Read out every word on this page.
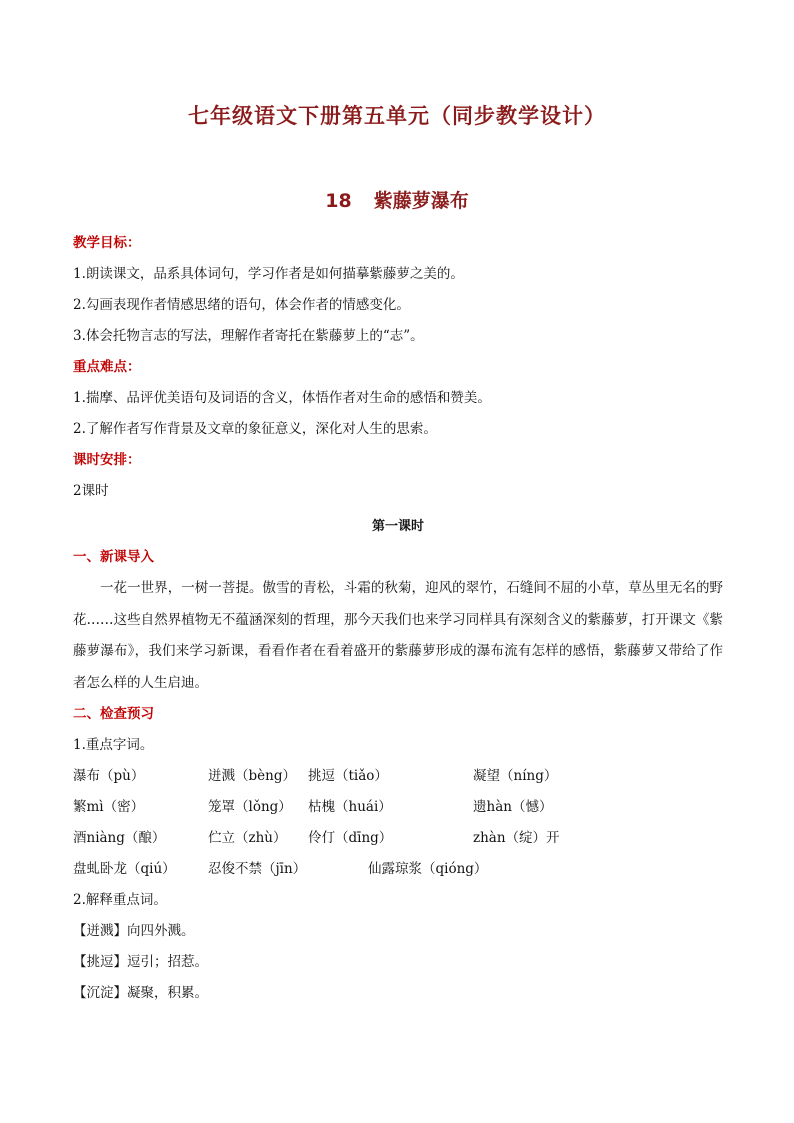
七年级语文下册第五单元（同步教学设计）
18 紫藤萝瀑布

教学目标：

1.朗读课文，品系具体词句，学习作者是如何描摹紫藤萝之美的。

2.勾画表现作者情感思绪的语句，体会作者的情感变化。

3.体会托物言志的写法，理解作者寄托在紫藤萝上的“志”。

重点难点：

1.揣摩、品评优美语句及词语的含义，体悟作者对生命的感悟和赞美。

2.了解作者写作背景及文章的象征意义，深化对人生的思索。

课时安排：

2课时

第一课时

一、新课导入

一花一世界，一树一菩提。傲雪的青松，斗霜的秋菊，迎风的翠竹，石缝间不屈的小草，草丛里无名的野花……这些自然界植物无不蕴涵深刻的哲理，那今天我们也来学习同样具有深刻含义的紫藤萝，打开课文《紫藤萝瀑布》，我们来学习新课，看看作者在看着盛开的紫藤萝形成的瀑布流有怎样的感悟，紫藤萝又带给了作者怎么样的人生启迪。

二、检查预习

1.重点字词。

瀑布（pù）	迸溅（bèng） 挑逗（tiǎo）	凝望（níng）
繁mì（密）	笼罩（lǒng）	枯槐（huái）	遗hàn（憾）
酒niàng（酿）	伫立（zhù）	伶仃（dīng）	zhàn（绽）开
盘虬卧龙（qiú）	忍俊不禁（jīn）	仙露琼浆（qióng）

2.解释重点词。

【迸溅】向四外溅。

【挑逗】逗引；招惹。

【沉淀】凝聚，积累。
